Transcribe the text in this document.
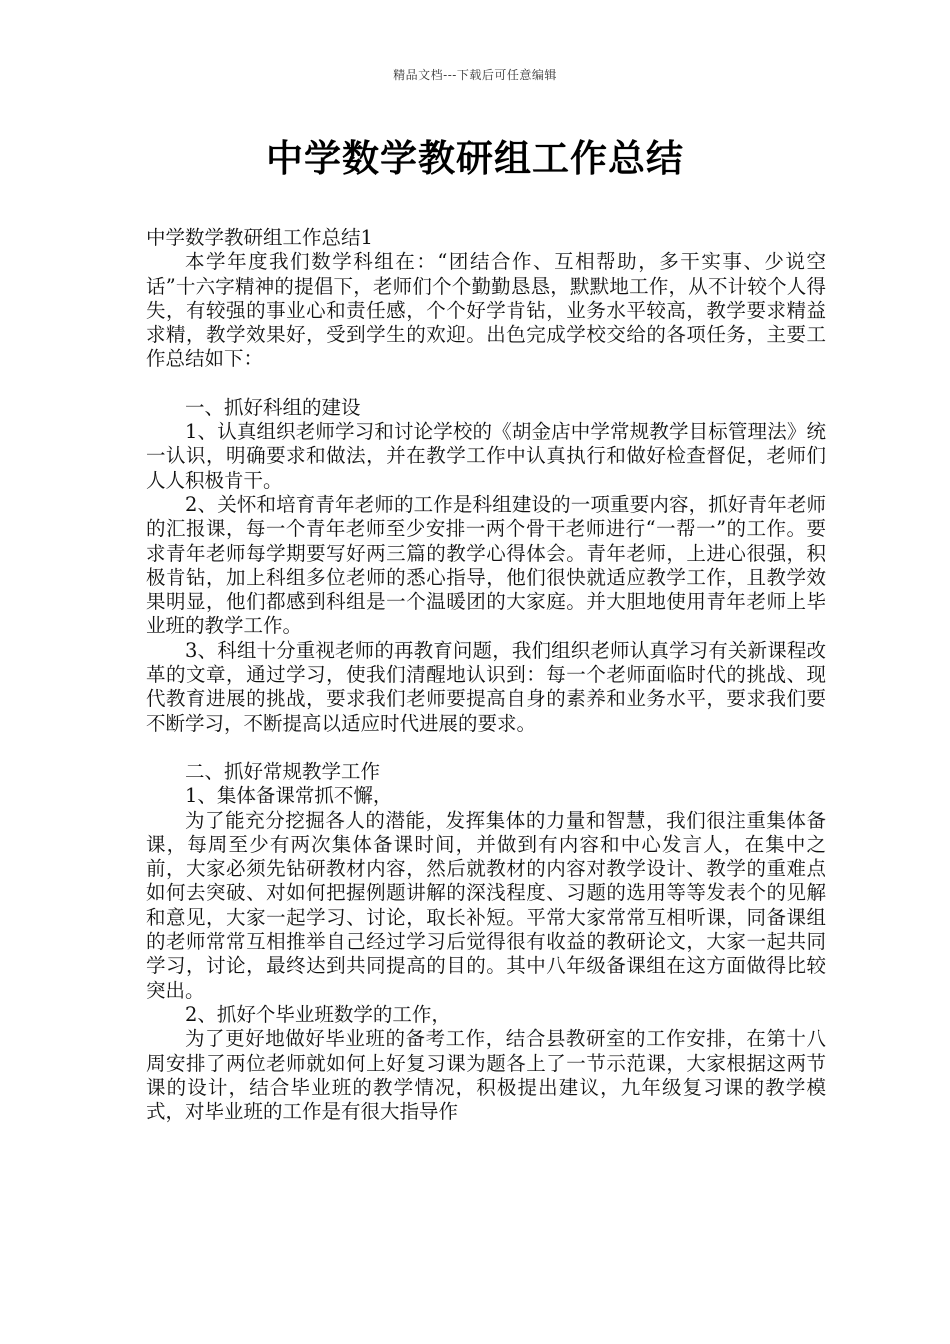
精品文档---下载后可任意编辑
中学数学教研组工作总结

中学数学教研组工作总结1

本学年度我们数学科组在：“团结合作、互相帮助，多干实事、少说空话”十六字精神的提倡下，老师们个个勤勤恳恳，默默地工作，从不计较个人得失，有较强的事业心和责任感，个个好学肯钻，业务水平较高，教学要求精益求精，教学效果好，受到学生的欢迎。出色完成学校交给的各项任务，主要工作总结如下：

一、抓好科组的建设

1、认真组织老师学习和讨论学校的《胡金店中学常规教学目标管理法》统一认识，明确要求和做法，并在教学工作中认真执行和做好检查督促，老师们人人积极肯干。

2、关怀和培育青年老师的工作是科组建设的一项重要内容，抓好青年老师的汇报课，每一个青年老师至少安排一两个骨干老师进行“一帮一”的工作。要求青年老师每学期要写好两三篇的教学心得体会。青年老师，上进心很强，积极肯钻，加上科组多位老师的悉心指导，他们很快就适应教学工作，且教学效果明显，他们都感到科组是一个温暖团的大家庭。并大胆地使用青年老师上毕业班的教学工作。

3、科组十分重视老师的再教育问题，我们组织老师认真学习有关新课程改革的文章，通过学习，使我们清醒地认识到：每一个老师面临时代的挑战、现代教育进展的挑战，要求我们老师要提高自身的素养和业务水平，要求我们要不断学习，不断提高以适应时代进展的要求。

二、抓好常规教学工作

1、集体备课常抓不懈，

为了能充分挖掘各人的潜能，发挥集体的力量和智慧，我们很注重集体备课，每周至少有两次集体备课时间，并做到有内容和中心发言人，在集中之前，大家必须先钻研教材内容，然后就教材的内容对教学设计、教学的重难点如何去突破、对如何把握例题讲解的深浅程度、习题的选用等等发表个的见解和意见，大家一起学习、讨论，取长补短。平常大家常常互相听课，同备课组的老师常常互相推举自己经过学习后觉得很有收益的教研论文，大家一起共同学习，讨论，最终达到共同提高的目的。其中八年级备课组在这方面做得比较突出。

2、抓好个毕业班数学的工作，

为了更好地做好毕业班的备考工作，结合县教研室的工作安排，在第十八周安排了两位老师就如何上好复习课为题各上了一节示范课，大家根据这两节课的设计，结合毕业班的教学情况，积极提出建议，九年级复习课的教学模式，对毕业班的工作是有很大指导作
